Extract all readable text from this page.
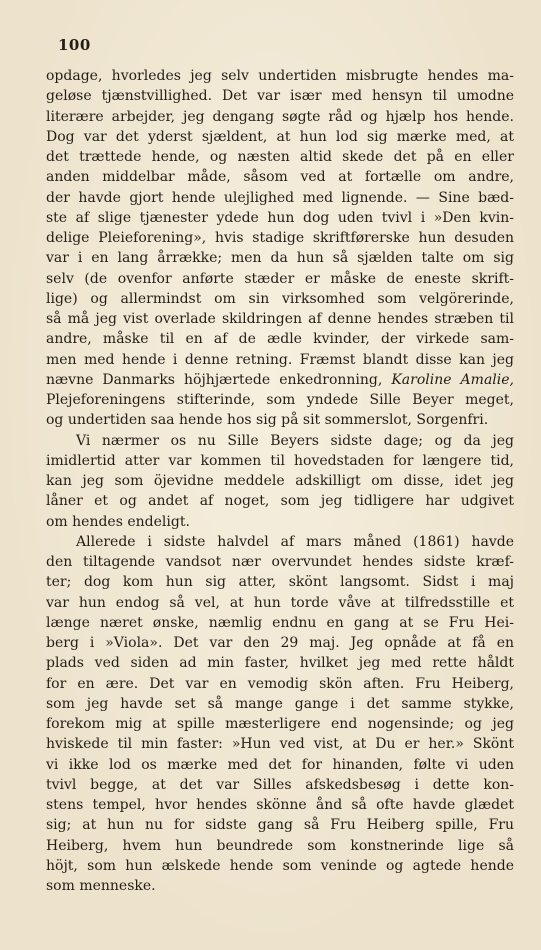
100
opdage, hvorledes jeg selv undertiden misbrugte hendes ma-
geløse tjænstvillighed. Det var især med hensyn til umodne
literære arbejder, jeg dengang søgte råd og hjælp hos hende.
Dog var det yderst sjældent, at hun lod sig mærke med, at
det trættede hende, og næsten altid skede det på en eller
anden middelbar måde, såsom ved at fortælle om andre,
der havde gjort hende ulejlighed med lignende. — Sine bæd-
ste af slige tjænester ydede hun dog uden tvivl i »Den kvin-
delige Pleieforening», hvis stadige skriftførerske hun desuden
var i en lang årrække; men da hun så sjælden talte om sig
selv (de ovenfor anførte stæder er måske de eneste skrift-
lige) og allermindst om sin virksomhed som velgörerinde,
så må jeg vist overlade skildringen af denne hendes stræben til
andre, måske til en af de ædle kvinder, der virkede sam-
men med hende i denne retning. Fræmst blandt disse kan jeg
nævne Danmarks höjhjærtede enkedronning, Karoline Amalie,
Plejeforeningens stifterinde, som yndede Sille Beyer meget,
og undertiden saa hende hos sig på sit sommerslot, Sorgenfri.
Vi nærmer os nu Sille Beyers sidste dage; og da jeg
imidlertid atter var kommen til hovedstaden for længere tid,
kan jeg som öjevidne meddele adskilligt om disse, idet jeg
låner et og andet af noget, som jeg tidligere har udgivet
om hendes endeligt.
Allerede i sidste halvdel af mars måned (1861) havde
den tiltagende vandsot nær overvundet hendes sidste kræf-
ter; dog kom hun sig atter, skönt langsomt. Sidst i maj
var hun endog så vel, at hun torde våve at tilfredsstille et
længe næret ønske, næmlig endnu en gang at se Fru Hei-
berg i »Viola». Det var den 29 maj. Jeg opnåde at få en
plads ved siden ad min faster, hvilket jeg med rette håldt
for en ære. Det var en vemodig skön aften. Fru Heiberg,
som jeg havde set så mange gange i det samme stykke,
forekom mig at spille mæsterligere end nogensinde; og jeg
hviskede til min faster: »Hun ved vist, at Du er her.» Skönt
vi ikke lod os mærke med det for hinanden, følte vi uden
tvivl begge, at det var Silles afskedsbesøg i dette kon-
stens tempel, hvor hendes skönne ånd så ofte havde glædet
sig; at hun nu for sidste gang så Fru Heiberg spille, Fru
Heiberg, hvem hun beundrede som konstnerinde lige så
höjt, som hun ælskede hende som veninde og agtede hende
som menneske.
